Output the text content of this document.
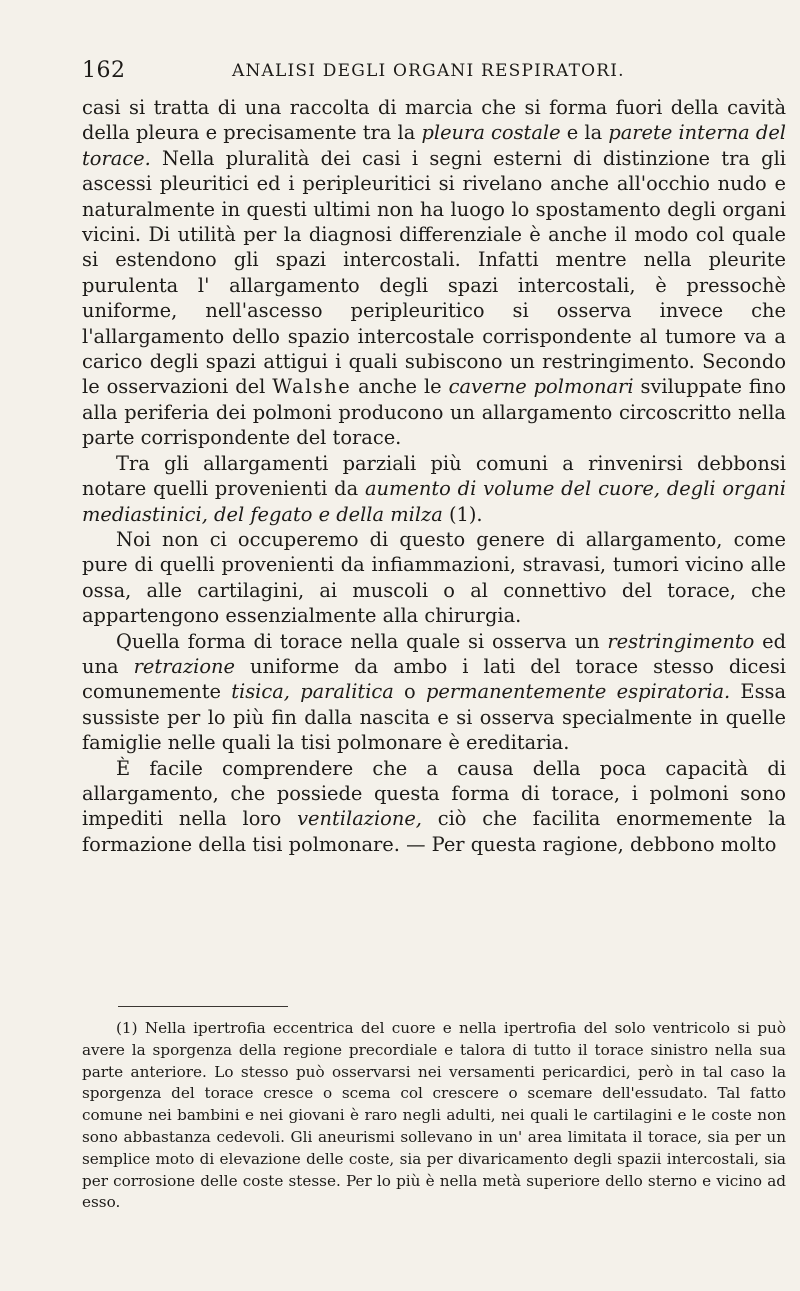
162	ANALISI DEGLI ORGANI RESPIRATORI.

casi si tratta di una raccolta di marcia che si forma fuori della cavità della pleura e precisamente tra la pleura costale e la parete interna del torace. Nella pluralità dei casi i segni esterni di distinzione tra gli ascessi pleuritici ed i peripleuritici si rivelano anche all'occhio nudo e naturalmente in questi ultimi non ha luogo lo spostamento degli organi vicini. Di utilità per la diagnosi differenziale è anche il modo col quale si estendono gli spazi intercostali. Infatti mentre nella pleurite purulenta l' allargamento degli spazi intercostali, è pressochè uniforme, nell'ascesso peripleuritico si osserva invece che l'allargamento dello spazio intercostale corrispondente al tumore va a carico degli spazi attigui i quali subiscono un restringimento. Secondo le osservazioni del Walshe anche le caverne polmonari sviluppate fino alla periferia dei polmoni producono un allargamento circoscritto nella parte corrispondente del torace.

Tra gli allargamenti parziali più comuni a rinvenirsi debbonsi notare quelli provenienti da aumento di volume del cuore, degli organi mediastinici, del fegato e della milza (1).

Noi non ci occuperemo di questo genere di allargamento, come pure di quelli provenienti da infiammazioni, stravasi, tumori vicino alle ossa, alle cartilagini, ai muscoli o al connettivo del torace, che appartengono essenzialmente alla chirurgia.

Quella forma di torace nella quale si osserva un restringimento ed una retrazione uniforme da ambo i lati del torace stesso dicesi comunemente tisica, paralitica o permanentemente espiratoria. Essa sussiste per lo più fin dalla nascita e si osserva specialmente in quelle famiglie nelle quali la tisi polmonare è ereditaria.

È facile comprendere che a causa della poca capacità di allargamento, che possiede questa forma di torace, i polmoni sono impediti nella loro ventilazione, ciò che facilita enormemente la formazione della tisi polmonare. — Per questa ragione, debbono molto

(1) Nella ipertrofia eccentrica del cuore e nella ipertrofia del solo ventricolo si può avere la sporgenza della regione precordiale e talora di tutto il torace sinistro nella sua parte anteriore. Lo stesso può osservarsi nei versamenti pericardici, però in tal caso la sporgenza del torace cresce o scema col crescere o scemare dell'essudato. Tal fatto comune nei bambini e nei giovani è raro negli adulti, nei quali le cartilagini e le coste non sono abbastanza cedevoli. Gli aneurismi sollevano in un' area limitata il torace, sia per un semplice moto di elevazione delle coste, sia per divaricamento degli spazii intercostali, sia per corrosione delle coste stesse. Per lo più è nella metà superiore dello sterno e vicino ad esso.
